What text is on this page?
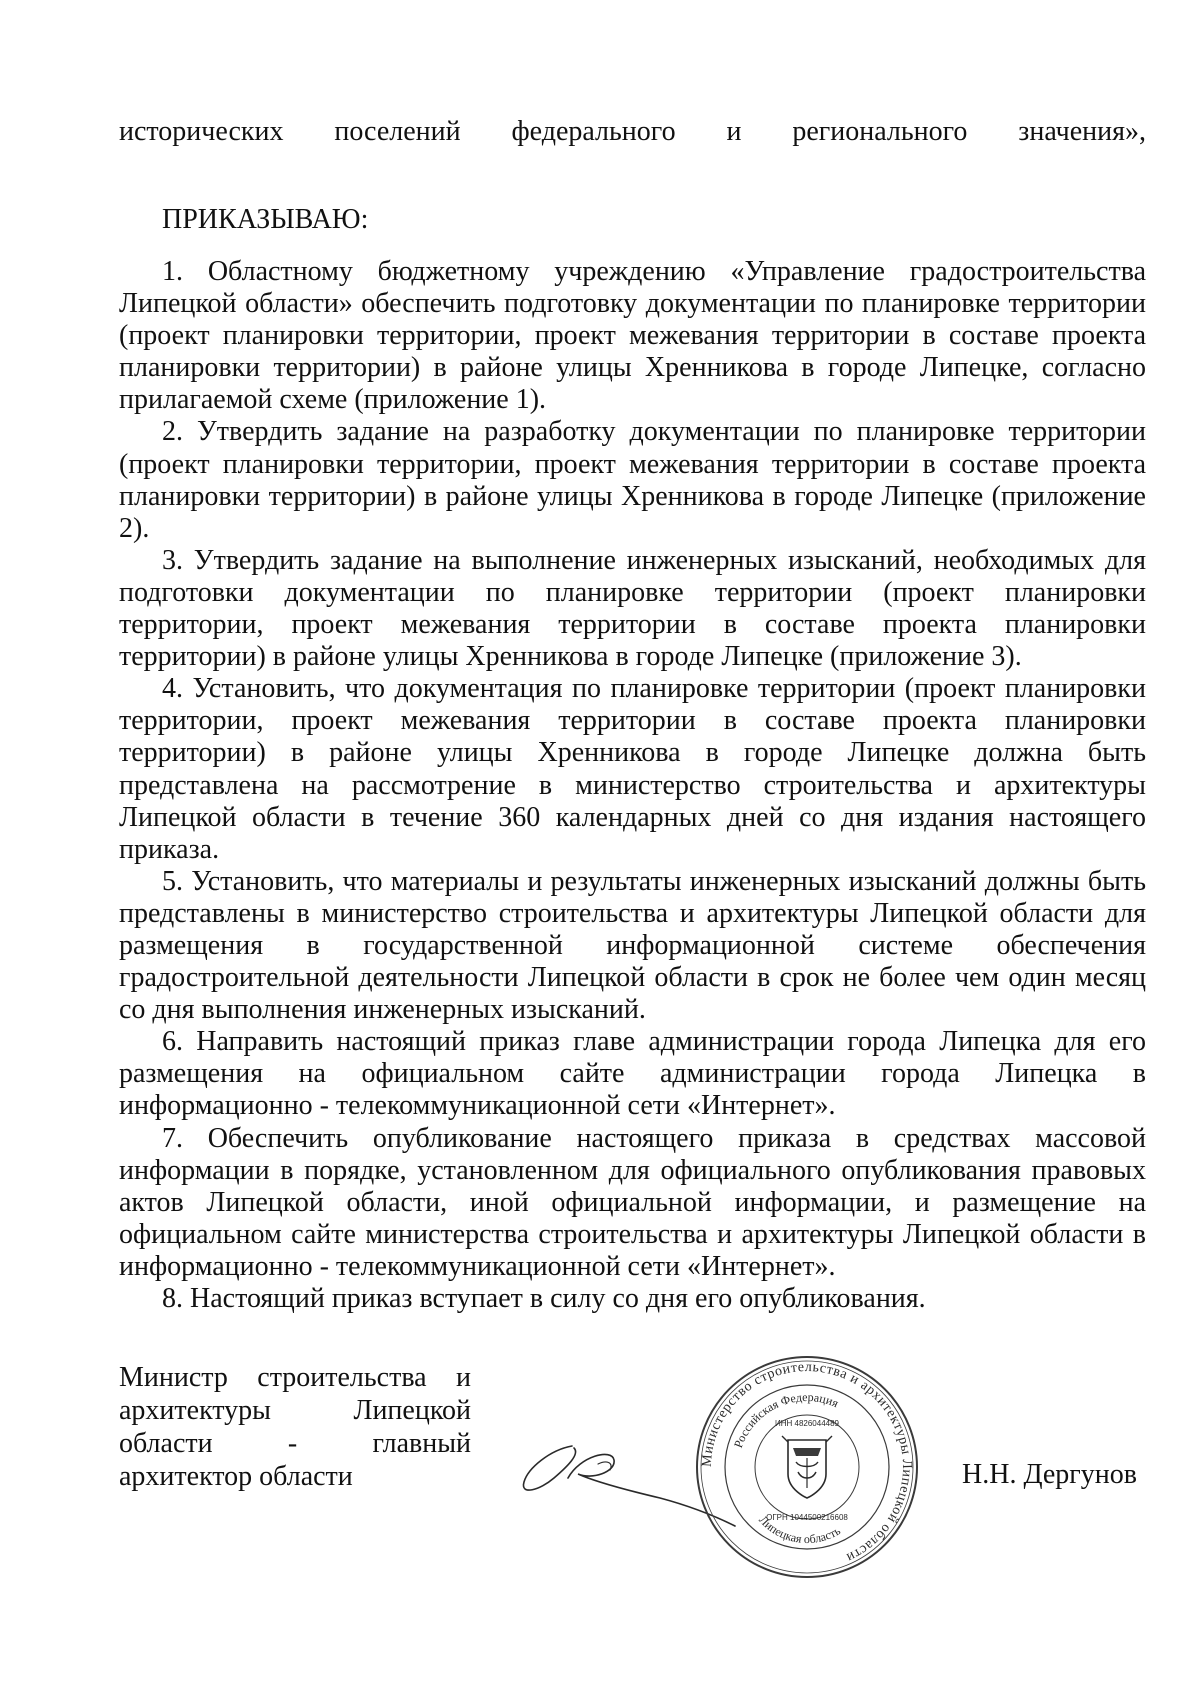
исторических поселений федерального и регионального значения»,
ПРИКАЗЫВАЮ:

1. Областному бюджетному учреждению «Управление градостроительства Липецкой области» обеспечить подготовку документации по планировке территории (проект планировки территории, проект межевания территории в составе проекта планировки территории) в районе улицы Хренникова в городе Липецке, согласно прилагаемой схеме (приложение 1).

2. Утвердить задание на разработку документации по планировке территории (проект планировки территории, проект межевания территории в составе проекта планировки территории) в районе улицы Хренникова в городе Липецке (приложение 2).

3. Утвердить задание на выполнение инженерных изысканий, необходимых для подготовки документации по планировке территории (проект планировки территории, проект межевания территории в составе проекта планировки территории) в районе улицы Хренникова в городе Липецке (приложение 3).

4. Установить, что документация по планировке территории (проект планировки территории, проект межевания территории в составе проекта планировки территории) в районе улицы Хренникова в городе Липецке должна быть представлена на рассмотрение в министерство строительства и архитектуры Липецкой области в течение 360 календарных дней со дня издания настоящего приказа.

5. Установить, что материалы и результаты инженерных изысканий должны быть представлены в министерство строительства и архитектуры Липецкой области для размещения в государственной информационной системе обеспечения градостроительной деятельности Липецкой области в срок не более чем один месяц со дня выполнения инженерных изысканий.

6. Направить настоящий приказ главе администрации города Липецка для его размещения на официальном сайте администрации города Липецка в информационно - телекоммуникационной сети «Интернет».

7. Обеспечить опубликование настоящего приказа в средствах массовой информации в порядке, установленном для официального опубликования правовых актов Липецкой области, иной официальной информации, и размещение на официальном сайте министерства строительства и архитектуры Липецкой области в информационно - телекоммуникационной сети «Интернет».

8. Настоящий приказ вступает в силу со дня его опубликования.

Министр строительства и
архитектуры Липецкой
области - главный
архитектор области
Министерство строительства и архитектуры Липецкой области
Российская Федерация
Липецкая область
ИНН 4826044489
ОГРН 1044500216608
Н.Н. Дергунов
